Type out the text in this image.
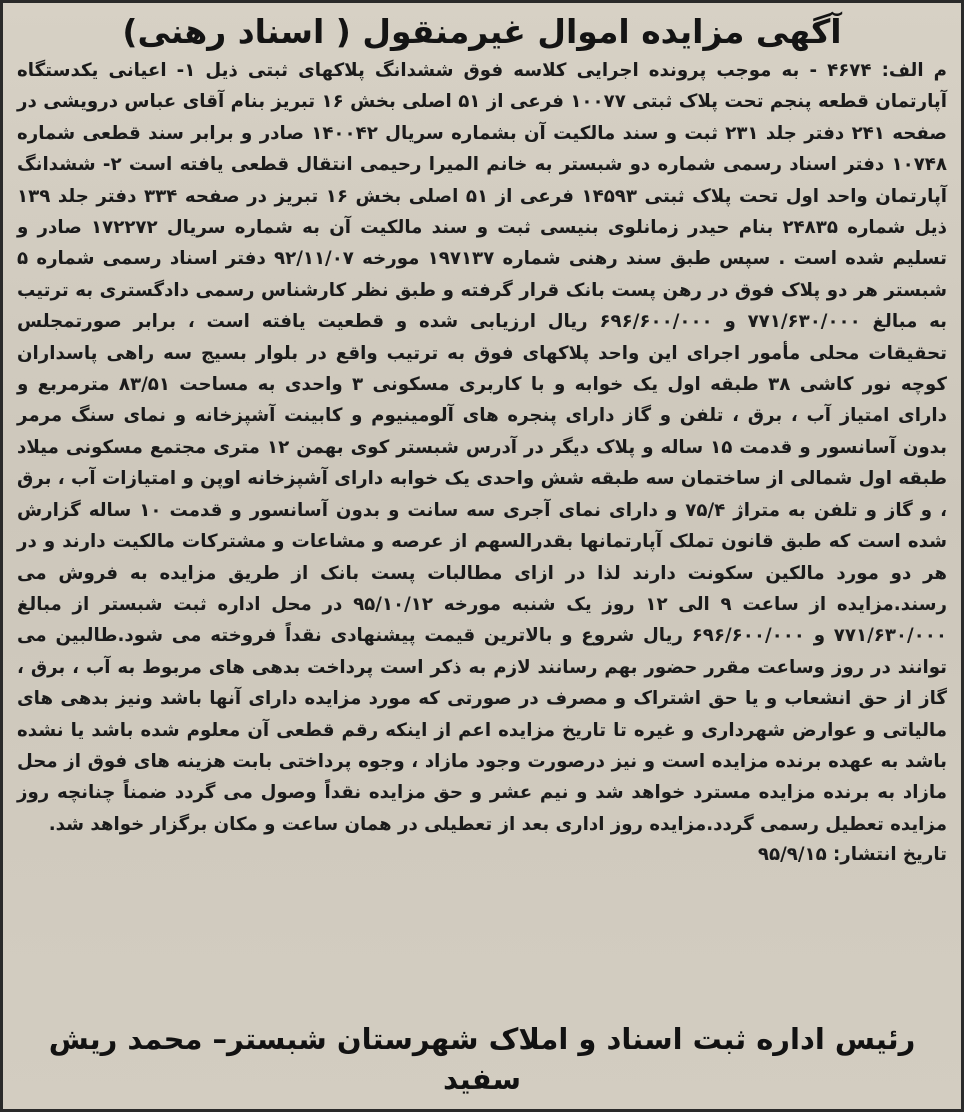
آگهی مزایده اموال غیرمنقول ( اسناد رهنی)

م الف: ۴۶۷۴ - به موجب پرونده اجرایی کلاسه فوق ششدانگ پلاکهای ثبتی ذیل ۱- اعیانی یکدستگاه آپارتمان قطعه پنجم تحت پلاک ثبتی ۱۰۰۷۷ فرعی از ۵۱ اصلی بخش ۱۶ تبریز بنام آقای عباس درویشی در صفحه ۲۴۱ دفتر جلد ۲۳۱ ثبت و سند مالکیت آن بشماره سریال ۱۴۰۰۴۲ صادر و برابر سند قطعی شماره ۱۰۷۴۸ دفتر اسناد رسمی شماره دو شبستر به خانم المیرا رحیمی انتقال قطعی یافته است ۲- ششدانگ آپارتمان واحد اول تحت پلاک ثبتی ۱۴۵۹۳ فرعی از ۵۱ اصلی بخش ۱۶ تبریز در صفحه ۳۳۴ دفتر جلد ۱۳۹ ذیل شماره ۲۴۸۳۵ بنام حیدر زمانلوی بنیسی ثبت و سند مالکیت آن به شماره سریال ۱۷۲۲۷۲ صادر و تسلیم شده است . سپس طبق سند رهنی شماره ۱۹۷۱۳۷ مورخه ۹۲/۱۱/۰۷ دفتر اسناد رسمی شماره ۵ شبستر هر دو پلاک فوق در رهن پست بانک قرار گرفته و طبق نظر کارشناس رسمی دادگستری به ترتیب به مبالغ ۷۷۱/۶۳۰/۰۰۰ و ۶۹۶/۶۰۰/۰۰۰ ریال ارزیابی شده و قطعیت یافته است ، برابر صورتمجلس تحقیقات محلی مأمور اجرای این واحد پلاکهای فوق به ترتیب واقع در بلوار بسیج سه راهی پاسداران کوچه نور کاشی ۳۸ طبقه اول یک خوابه و با کاربری مسکونی ۳ واحدی به مساحت ۸۳/۵۱ مترمربع و دارای امتیاز آب ، برق ، تلفن و گاز دارای پنجره های آلومینیوم و کابینت آشپزخانه و نمای سنگ مرمر بدون آسانسور و قدمت ۱۵ ساله و پلاک دیگر در آدرس شبستر کوی بهمن ۱۲ متری مجتمع مسکونی میلاد طبقه اول شمالی از ساختمان سه طبقه شش واحدی یک خوابه دارای آشپزخانه اوپن و امتیازات آب ، برق ، و گاز و تلفن به متراژ ۷۵/۴ و دارای نمای آجری سه سانت و بدون آسانسور و قدمت ۱۰ ساله گزارش شده است که طبق قانون تملک آپارتمانها بقدرالسهم از عرصه و مشاعات و مشترکات مالکیت دارند و در هر دو مورد مالکین سکونت دارند لذا در ازای مطالبات پست بانک از طریق مزایده به فروش می رسند.مزایده از ساعت ۹ الی ۱۲ روز یک شنبه مورخه ۹۵/۱۰/۱۲ در محل اداره ثبت شبستر از مبالغ ۷۷۱/۶۳۰/۰۰۰ و ۶۹۶/۶۰۰/۰۰۰ ریال شروع و بالاترین قیمت پیشنهادی نقداً فروخته می شود.طالبین می توانند در روز وساعت مقرر حضور بهم رسانند لازم به ذکر است پرداخت بدهی های مربوط به آب ، برق ، گاز از حق انشعاب و یا حق اشتراک و مصرف در صورتی که مورد مزایده دارای آنها باشد ونیز بدهی های مالیاتی و عوارض شهرداری و غیره تا تاریخ مزایده اعم از اینکه رقم قطعی آن معلوم شده باشد یا نشده باشد به عهده برنده مزایده است و نیز درصورت وجود مازاد ، وجوه پرداختی بابت هزینه های فوق از محل مازاد به برنده مزایده مسترد خواهد شد و نیم عشر و حق مزایده نقداً وصول می گردد ضمناً چنانچه روز مزایده تعطیل رسمی گردد.مزایده روز اداری بعد از تعطیلی در همان ساعت و مکان برگزار خواهد شد.

تاریخ انتشار: ۹۵/۹/۱۵

رئیس اداره ثبت اسناد و املاک شهرستان شبستر– محمد ریش سفید
